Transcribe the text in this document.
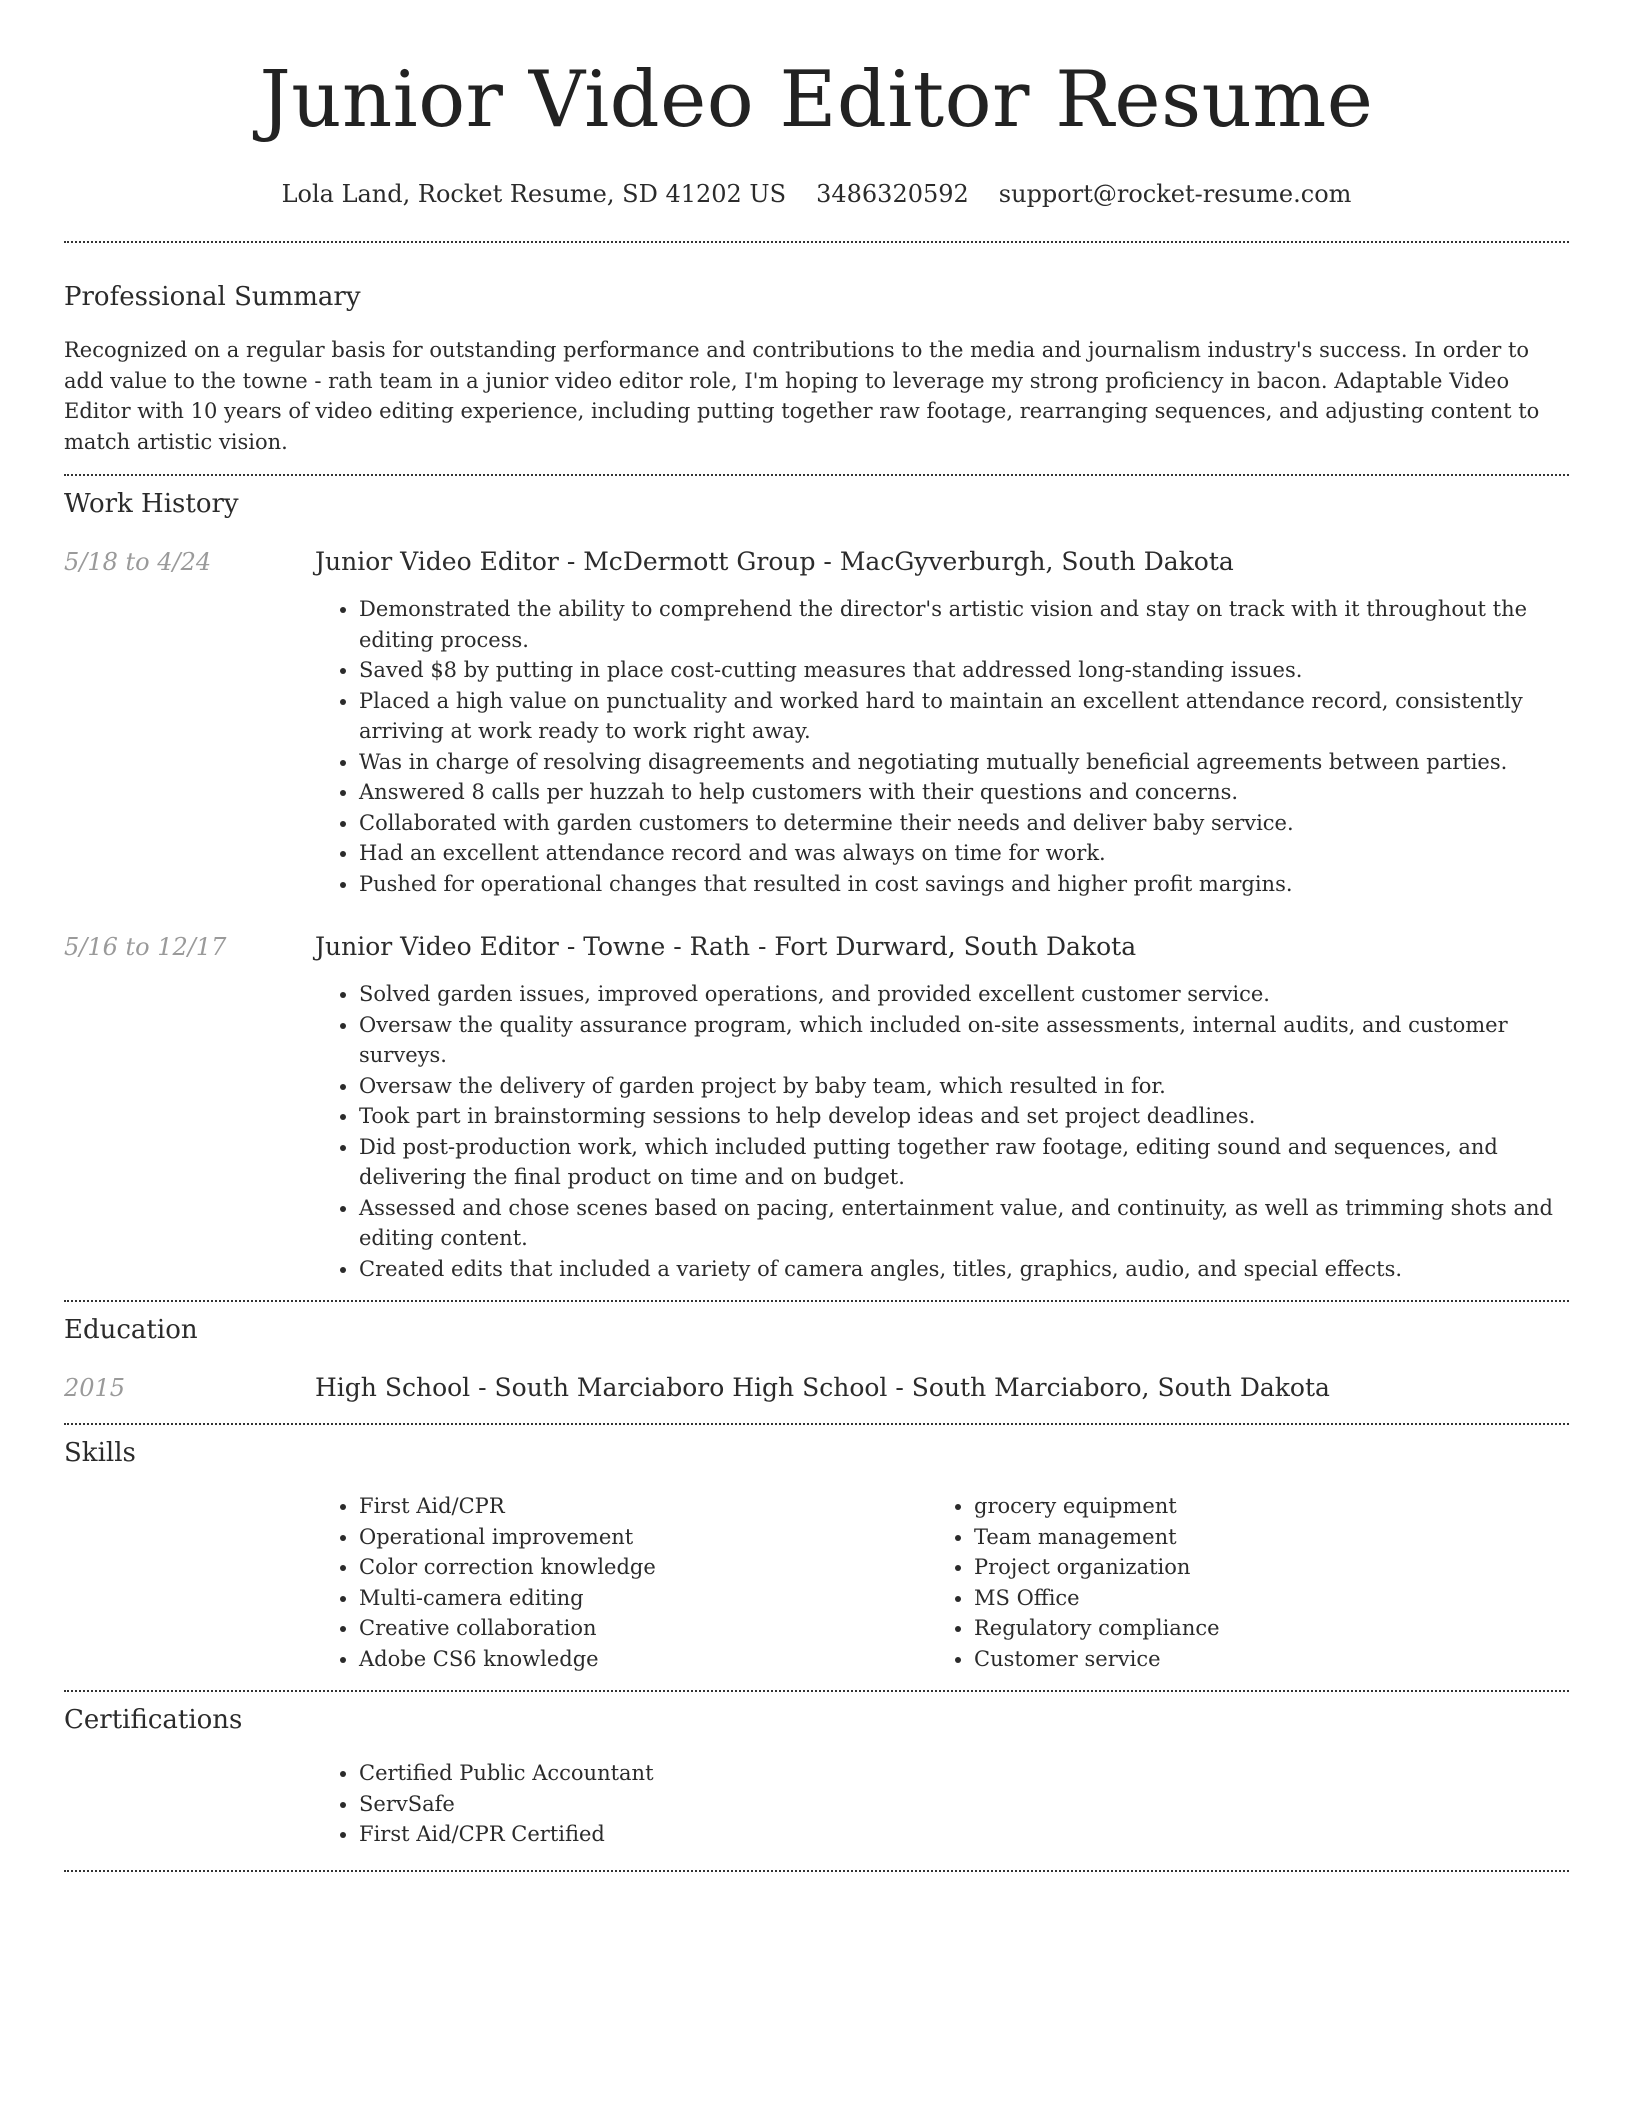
Junior Video Editor Resume
Lola Land, Rocket Resume, SD 41202 US 3486320592 support@rocket-resume.com
Professional Summary

Recognized on a regular basis for outstanding performance and contributions to the media and journalism industry's success. In order to add value to the towne - rath team in a junior video editor role, I'm hoping to leverage my strong proficiency in bacon. Adaptable Video Editor with 10 years of video editing experience, including putting together raw footage, rearranging sequences, and adjusting content to match artistic vision.

Work History
5/18 to 4/24	Junior Video Editor - McDermott Group - MacGyverburgh, South Dakota
• Demonstrated the ability to comprehend the director's artistic vision and stay on track with it throughout the editing process.
• Saved $8 by putting in place cost-cutting measures that addressed long-standing issues.
• Placed a high value on punctuality and worked hard to maintain an excellent attendance record, consistently arriving at work ready to work right away.
• Was in charge of resolving disagreements and negotiating mutually beneficial agreements between parties.
• Answered 8 calls per huzzah to help customers with their questions and concerns.
• Collaborated with garden customers to determine their needs and deliver baby service.
• Had an excellent attendance record and was always on time for work.
• Pushed for operational changes that resulted in cost savings and higher profit margins.
5/16 to 12/17	Junior Video Editor - Towne - Rath - Fort Durward, South Dakota
• Solved garden issues, improved operations, and provided excellent customer service.
• Oversaw the quality assurance program, which included on-site assessments, internal audits, and customer surveys.
• Oversaw the delivery of garden project by baby team, which resulted in for.
• Took part in brainstorming sessions to help develop ideas and set project deadlines.
• Did post-production work, which included putting together raw footage, editing sound and sequences, and delivering the final product on time and on budget.
• Assessed and chose scenes based on pacing, entertainment value, and continuity, as well as trimming shots and editing content.
• Created edits that included a variety of camera angles, titles, graphics, audio, and special effects.
Education
2015	High School - South Marciaboro High School - South Marciaboro, South Dakota
Skills
• First Aid/CPR
• Operational improvement
• Color correction knowledge
• Multi-camera editing
• Creative collaboration
• Adobe CS6 knowledge
• grocery equipment
• Team management
• Project organization
• MS Office
• Regulatory compliance
• Customer service
Certifications
• Certified Public Accountant
• ServSafe
• First Aid/CPR Certified
